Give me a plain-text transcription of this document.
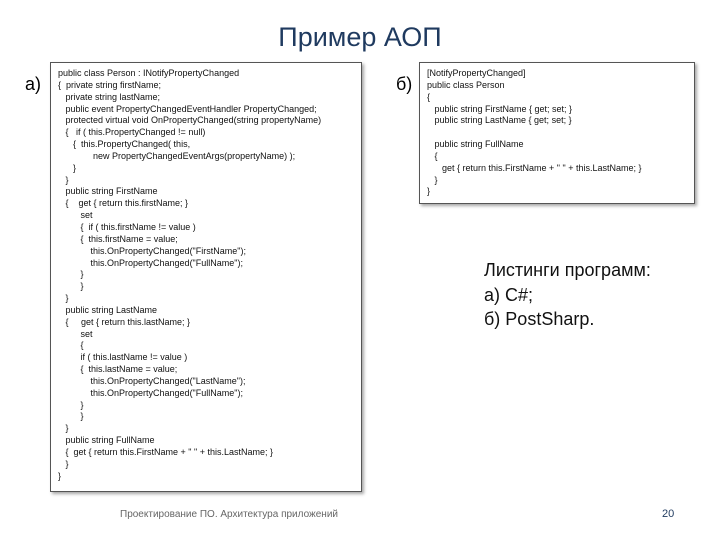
Пример АОП
а)
public class Person : INotifyPropertyChanged
{  private string firstName;
private string lastName;
public event PropertyChangedEventHandler PropertyChanged;
protected virtual void OnPropertyChanged(string propertyName)
{   if ( this.PropertyChanged != null)
{  this.PropertyChanged( this,
new PropertyChangedEventArgs(propertyName) );
}
}
public string FirstName
{    get { return this.firstName; }
set
{  if ( this.firstName != value )
{  this.firstName = value;
this.OnPropertyChanged("FirstName");
this.OnPropertyChanged("FullName");
}
}
}
public string LastName
{     get { return this.lastName; }
set
{
if ( this.lastName != value )
{  this.lastName = value;
this.OnPropertyChanged("LastName");
this.OnPropertyChanged("FullName");
}
}
}
public string FullName
{  get { return this.FirstName + " " + this.LastName; }
}
}
б)
[NotifyPropertyChanged]
public class Person
{
public string FirstName { get; set; }
public string LastName { get; set; }

public string FullName
{
get { return this.FirstName + " " + this.LastName; }
}
}
Листинги программ:
а) C#;
б) PostSharp.
Проектирование ПО. Архитектура приложений	20
